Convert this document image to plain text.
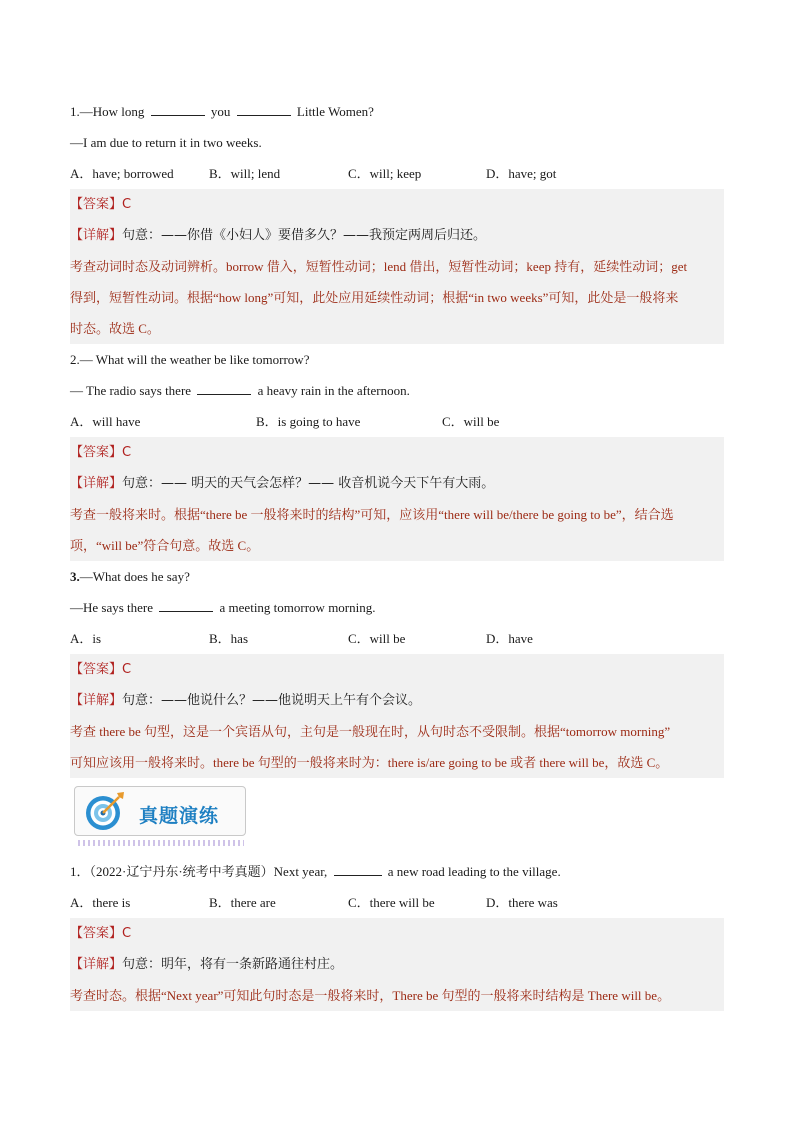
1.—How long	you	Little Women?
—I am due to return it in two weeks.
A．have; borrowed	B．will; lend	C．will; keep	D．have; got
【答案】C
【详解】句意：——你借《小妇人》要借多久？——我预定两周后归还。
考查动词时态及动词辨析。borrow 借入，短暂性动词；lend 借出，短暂性动词；keep 持有，延续性动词；get
得到，短暂性动词。根据“how long”可知，此处应用延续性动词；根据“in two weeks”可知，此处是一般将来
时态。故选 C。
2.— What will the weather be like tomorrow?
— The radio says there	a heavy rain in the afternoon.
A．will have	B．is going to have	C．will be
【答案】C
【详解】句意：—— 明天的天气会怎样？—— 收音机说今天下午有大雨。
考查一般将来时。根据“there be 一般将来时的结构”可知，应该用“there will be/there be going to be”，结合选
项，“will be”符合句意。故选 C。
3.—What does he say?
—He says there	a meeting tomorrow morning.
A．is	B．has	C．will be	D．have
【答案】C
【详解】句意：——他说什么？——他说明天上午有个会议。
考查 there be 句型，这是一个宾语从句，主句是一般现在时，从句时态不受限制。根据“tomorrow morning”
可知应该用一般将来时。there be 句型的一般将来时为：there is/are going to be 或者 there will be，故选 C。
真题演练
1．（2022·辽宁丹东·统考中考真题）Next year,	a new road leading to the village.
A．there is	B．there are	C．there will be	D．there was
【答案】C
【详解】句意：明年，将有一条新路通往村庄。
考查时态。根据“Next year”可知此句时态是一般将来时，There be 句型的一般将来时结构是 There will be。
